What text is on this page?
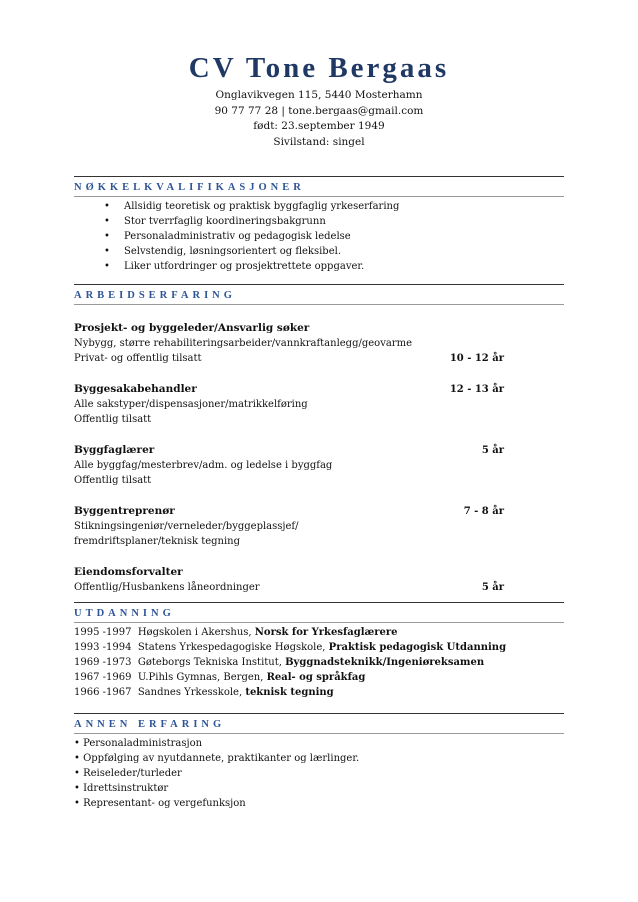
CV Tone Bergaas
Onglavikvegen 115, 5440 Mosterhamn
90 77 77 28 | tone.bergaas@gmail.com
født: 23.september 1949
Sivilstand: singel
NØKKELKVALIFIKASJONER
• Allsidig teoretisk og praktisk byggfaglig yrkeserfaring
• Stor tverrfaglig koordineringsbakgrunn
• Personaladministrativ og pedagogisk ledelse
• Selvstendig, løsningsorientert og fleksibel.
• Liker utfordringer og prosjektrettete oppgaver.
ARBEIDSERFARING
Prosjekt- og byggeleder/Ansvarlig søker
Nybygg, større rehabiliteringsarbeider/vannkraftanlegg/geovarme
Privat- og offentlig tilsatt	10 - 12 år
Byggesakabehandler	12 - 13 år
Alle sakstyper/dispensasjoner/matrikkelføring
Offentlig tilsatt
Byggfaglærer	5 år
Alle byggfag/mesterbrev/adm. og ledelse i byggfag
Offentlig tilsatt
Byggentreprenør	7 - 8 år
Stikningsingeniør/verneleder/byggeplassjef/
fremdriftsplaner/teknisk tegning
Eiendomsforvalter
Offentlig/Husbankens låneordninger	5 år
UTDANNING
1995 -1997 Høgskolen i Akershus, Norsk for Yrkesfaglærere
1993 -1994 Statens Yrkespedagogiske Høgskole, Praktisk pedagogisk Utdanning
1969 -1973 Gøteborgs Tekniska Institut, Byggnadsteknikk/Ingeniøreksamen
1967 -1969 U.Pihls Gymnas, Bergen, Real- og språkfag
1966 -1967 Sandnes Yrkesskole, teknisk tegning
ANNEN ERFARING
• Personaladministrasjon
• Oppfølging av nyutdannete, praktikanter og lærlinger.
• Reiseleder/turleder
• Idrettsinstruktør
• Representant- og vergefunksjon
